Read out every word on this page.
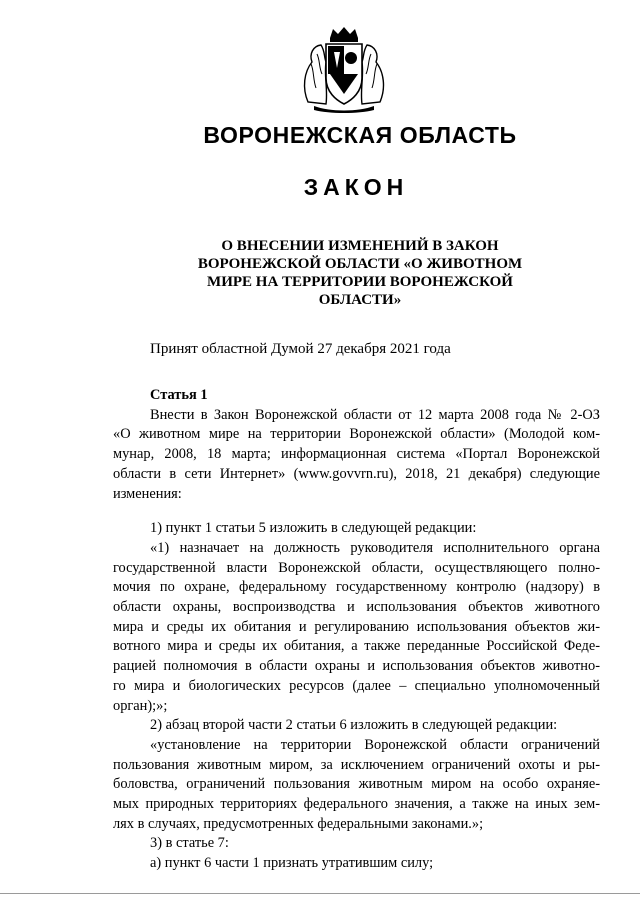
ВОРОНЕЖСКАЯ ОБЛАСТЬ
ЗАКОН
О ВНЕСЕНИИ ИЗМЕНЕНИЙ В ЗАКОН
ВОРОНЕЖСКОЙ ОБЛАСТИ «О ЖИВОТНОМ
МИРЕ НА ТЕРРИТОРИИ ВОРОНЕЖСКОЙ
ОБЛАСТИ»
Принят областной Думой 27 декабря 2021 года
Статья 1
Внести в Закон Воронежской области от 12 марта 2008 года № 2-ОЗ
«О животном мире на территории Воронежской области» (Молодой ком-
мунар, 2008, 18 марта; информационная система «Портал Воронежской
области в сети Интернет» (www.govvrn.ru), 2018, 21 декабря) следующие
изменения:
1) пункт 1 статьи 5 изложить в следующей редакции:
«1) назначает на должность руководителя исполнительного органа
государственной власти Воронежской области, осуществляющего полно-
мочия по охране, федеральному государственному контролю (надзору) в
области охраны, воспроизводства и использования объектов животного
мира и среды их обитания и регулированию использования объектов жи-
вотного мира и среды их обитания, а также переданные Российской Феде-
рацией полномочия в области охраны и использования объектов животно-
го мира и биологических ресурсов (далее – специально уполномоченный
орган);»;
2) абзац второй части 2 статьи 6 изложить в следующей редакции:
«установление на территории Воронежской области ограничений
пользования животным миром, за исключением ограничений охоты и ры-
боловства, ограничений пользования животным миром на особо охраняе-
мых природных территориях федерального значения, а также на иных зем-
лях в случаях, предусмотренных федеральными законами.»;
3) в статье 7:
а) пункт 6 части 1 признать утратившим силу;
